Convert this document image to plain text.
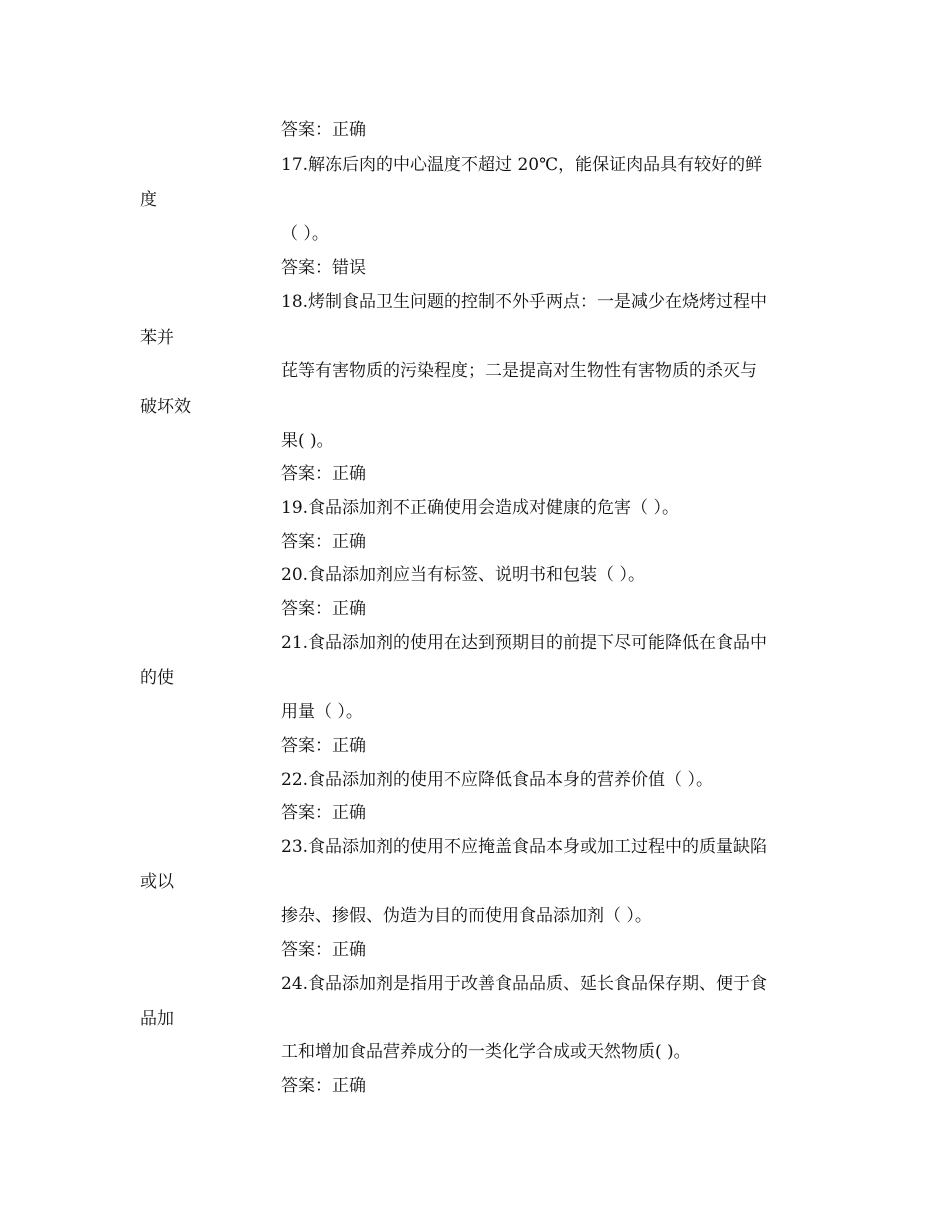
答案：正确
17.解冻后肉的中心温度不超过 20℃，能保证肉品具有较好的鲜
度
（ ）。
答案：错误
18.烤制食品卫生问题的控制不外乎两点：一是减少在烧烤过程中
苯并
芘等有害物质的污染程度；二是提高对生物性有害物质的杀灭与
破坏效
果( )。
答案：正确
19.食品添加剂不正确使用会造成对健康的危害（ ）。
答案：正确
20.食品添加剂应当有标签、说明书和包装（ ）。
答案：正确
21.食品添加剂的使用在达到预期目的前提下尽可能降低在食品中
的使
用量（ ）。
答案：正确
22.食品添加剂的使用不应降低食品本身的营养价值（ ）。
答案：正确
23.食品添加剂的使用不应掩盖食品本身或加工过程中的质量缺陷
或以
掺杂、掺假、伪造为目的而使用食品添加剂（ ）。
答案：正确
24.食品添加剂是指用于改善食品品质、延长食品保存期、便于食
品加
工和增加食品营养成分的一类化学合成或天然物质( )。
答案：正确
